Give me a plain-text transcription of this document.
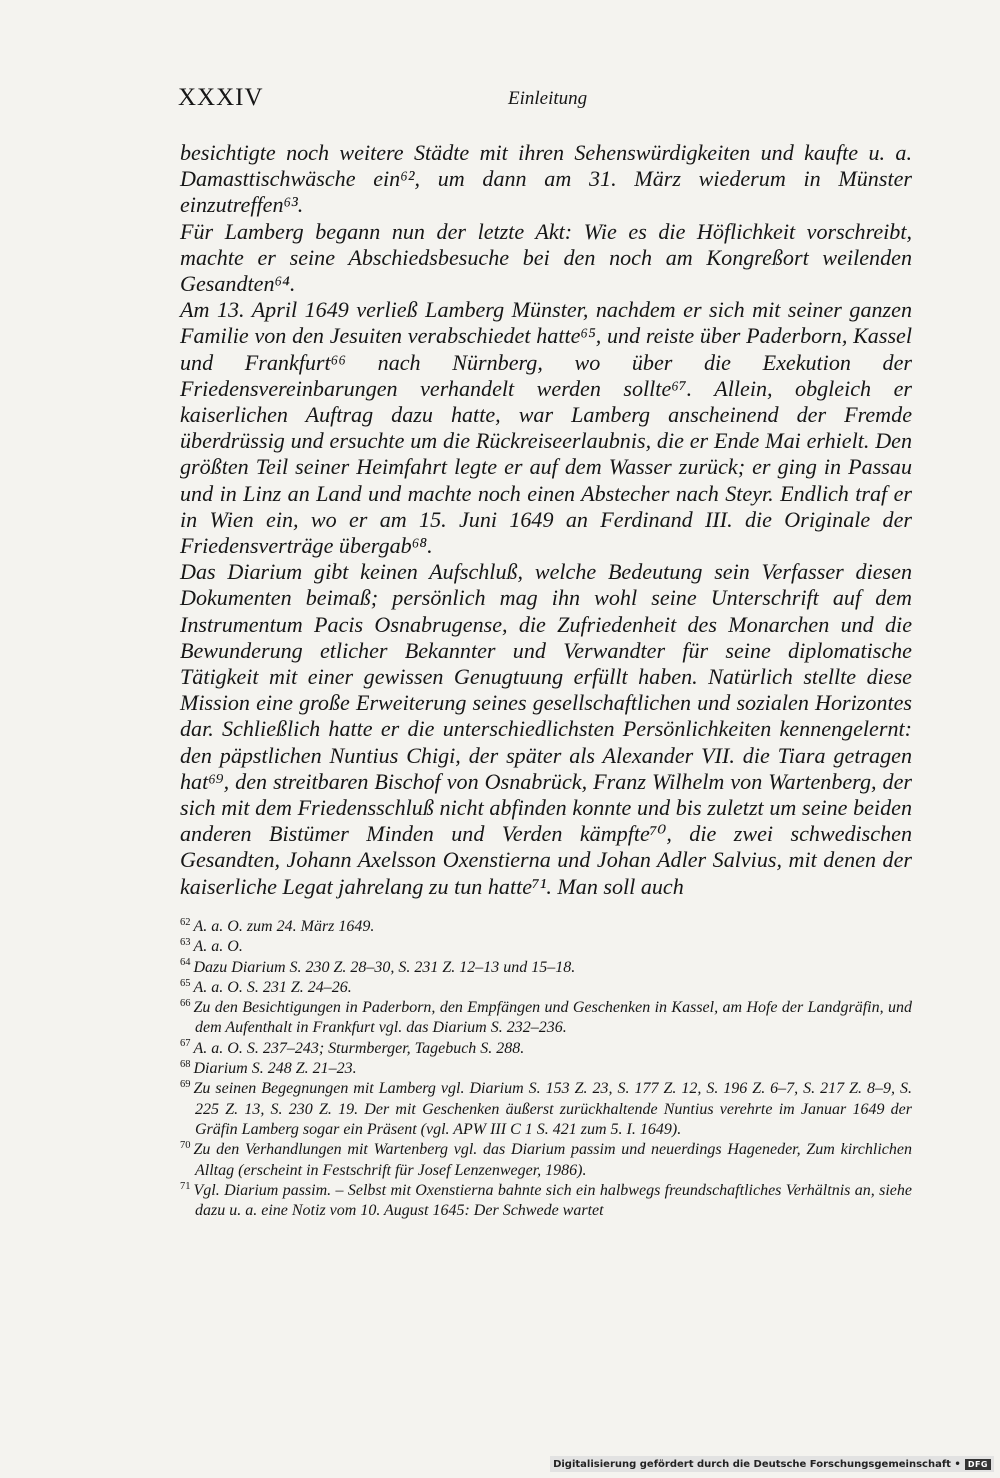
XXXIV	Einleitung

besichtigte noch weitere Städte mit ihren Sehenswürdigkeiten und kaufte u. a. Damasttischwäsche ein⁶², um dann am 31. März wiederum in Münster einzutreffen⁶³.

Für Lamberg begann nun der letzte Akt: Wie es die Höflichkeit vorschreibt, machte er seine Abschiedsbesuche bei den noch am Kongreßort weilenden Gesandten⁶⁴.

Am 13. April 1649 verließ Lamberg Münster, nachdem er sich mit seiner ganzen Familie von den Jesuiten verabschiedet hatte⁶⁵, und reiste über Paderborn, Kassel und Frankfurt⁶⁶ nach Nürnberg, wo über die Exekution der Friedensvereinbarungen verhandelt werden sollte⁶⁷. Allein, obgleich er kaiserlichen Auftrag dazu hatte, war Lamberg anscheinend der Fremde überdrüssig und ersuchte um die Rückreiseerlaubnis, die er Ende Mai erhielt. Den größten Teil seiner Heimfahrt legte er auf dem Wasser zurück; er ging in Passau und in Linz an Land und machte noch einen Abstecher nach Steyr. Endlich traf er in Wien ein, wo er am 15. Juni 1649 an Ferdinand III. die Originale der Friedensverträge übergab⁶⁸.

Das Diarium gibt keinen Aufschluß, welche Bedeutung sein Verfasser diesen Dokumenten beimaß; persönlich mag ihn wohl seine Unterschrift auf dem Instrumentum Pacis Osnabrugense, die Zufriedenheit des Monarchen und die Bewunderung etlicher Bekannter und Verwandter für seine diplomatische Tätigkeit mit einer gewissen Genugtuung erfüllt haben. Natürlich stellte diese Mission eine große Erweiterung seines gesellschaftlichen und sozialen Horizontes dar. Schließlich hatte er die unterschiedlichsten Persönlichkeiten kennengelernt: den päpstlichen Nuntius Chigi, der später als Alexander VII. die Tiara getragen hat⁶⁹, den streitbaren Bischof von Osnabrück, Franz Wilhelm von Wartenberg, der sich mit dem Friedensschluß nicht abfinden konnte und bis zuletzt um seine beiden anderen Bistümer Minden und Verden kämpfte⁷⁰, die zwei schwedischen Gesandten, Johann Axelsson Oxenstierna und Johan Adler Salvius, mit denen der kaiserliche Legat jahrelang zu tun hatte⁷¹. Man soll auch

$^{62}$ A. a. O. zum 24. März 1649.
$^{63}$ A. a. O.
$^{64}$ Dazu Diarium S. 230 Z. 28–30, S. 231 Z. 12–13 und 15–18.
$^{65}$ A. a. O. S. 231 Z. 24–26.
$^{66}$ Zu den Besichtigungen in Paderborn, den Empfängen und Geschenken in Kassel, am Hofe der Landgräfin, und dem Aufenthalt in Frankfurt vgl. das Diarium S. 232–236.
$^{67}$ A. a. O. S. 237–243; Sturmberger, Tagebuch S. 288.
$^{68}$ Diarium S. 248 Z. 21–23.
$^{69}$ Zu seinen Begegnungen mit Lamberg vgl. Diarium S. 153 Z. 23, S. 177 Z. 12, S. 196 Z. 6–7, S. 217 Z. 8–9, S. 225 Z. 13, S. 230 Z. 19. Der mit Geschenken äußerst zurückhaltende Nuntius verehrte im Januar 1649 der Gräfin Lamberg sogar ein Präsent (vgl. APW III C 1 S. 421 zum 5. I. 1649).
$^{70}$ Zu den Verhandlungen mit Wartenberg vgl. das Diarium passim und neuerdings Hageneder, Zum kirchlichen Alltag (erscheint in Festschrift für Josef Lenzenweger, 1986).
$^{71}$ Vgl. Diarium passim. – Selbst mit Oxenstierna bahnte sich ein halbwegs freundschaftliches Verhältnis an, siehe dazu u. a. eine Notiz vom 10. August 1645: Der Schwede wartet
Digitalisierung gefördert durch die Deutsche Forschungsgemeinschaft • DFG
